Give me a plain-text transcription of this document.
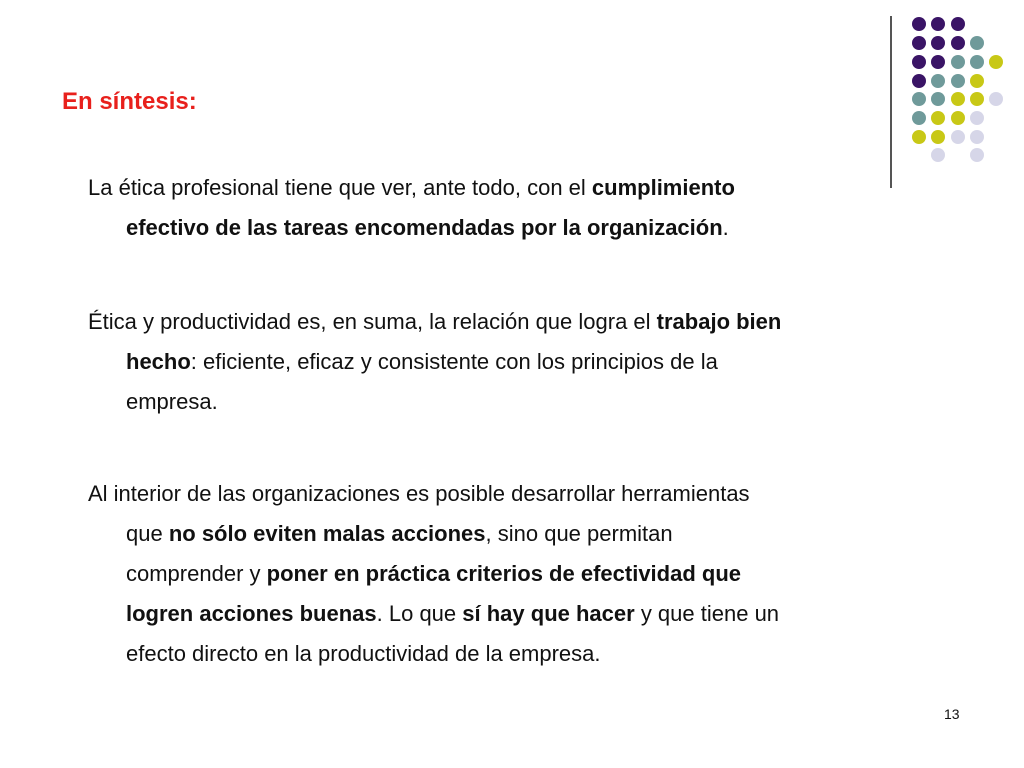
En síntesis:
La ética profesional tiene que ver, ante todo, con el cumplimiento
efectivo de las tareas encomendadas por la organización.
Ética y productividad es, en suma, la relación que logra el trabajo bien
hecho: eficiente, eficaz y consistente con los principios de la
empresa.
Al interior de las organizaciones es posible desarrollar herramientas
que no sólo eviten malas acciones, sino que permitan
comprender y poner en práctica criterios de efectividad que
logren acciones buenas. Lo que sí hay que hacer y que tiene un
efecto directo en la productividad de la empresa.
13
